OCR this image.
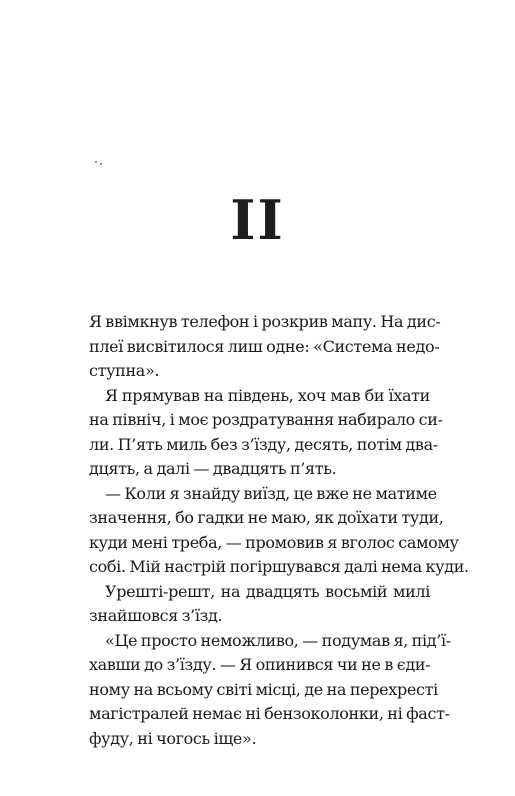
II
Я ввімкнув телефон і розкрив мапу. На дис-
плеї висвітилося лиш одне: «Система недо-
ступна».
Я прямував на південь, хоч мав би їхати
на північ, і моє роздратування набирало си-
ли. П’ять миль без з’їзду, десять, потім два-
дцять, а далі — двадцять п’ять.
— Коли я знайду виїзд, це вже не матиме
значення, бо гадки не маю, як доїхати туди,
куди мені треба, — промовив я вголос самому
собі. Мій настрій погіршувався далі нема куди.
Урешті-решт, на двадцять восьмій милі
знайшовся з’їзд.
«Це просто неможливо, — подумав я, під’ї-
хавши до з’їзду. — Я опинився чи не в єди-
ному на всьому світі місці, де на перехресті
магістралей немає ні бензоколонки, ні фаст-
фуду, ні чогось іще».
